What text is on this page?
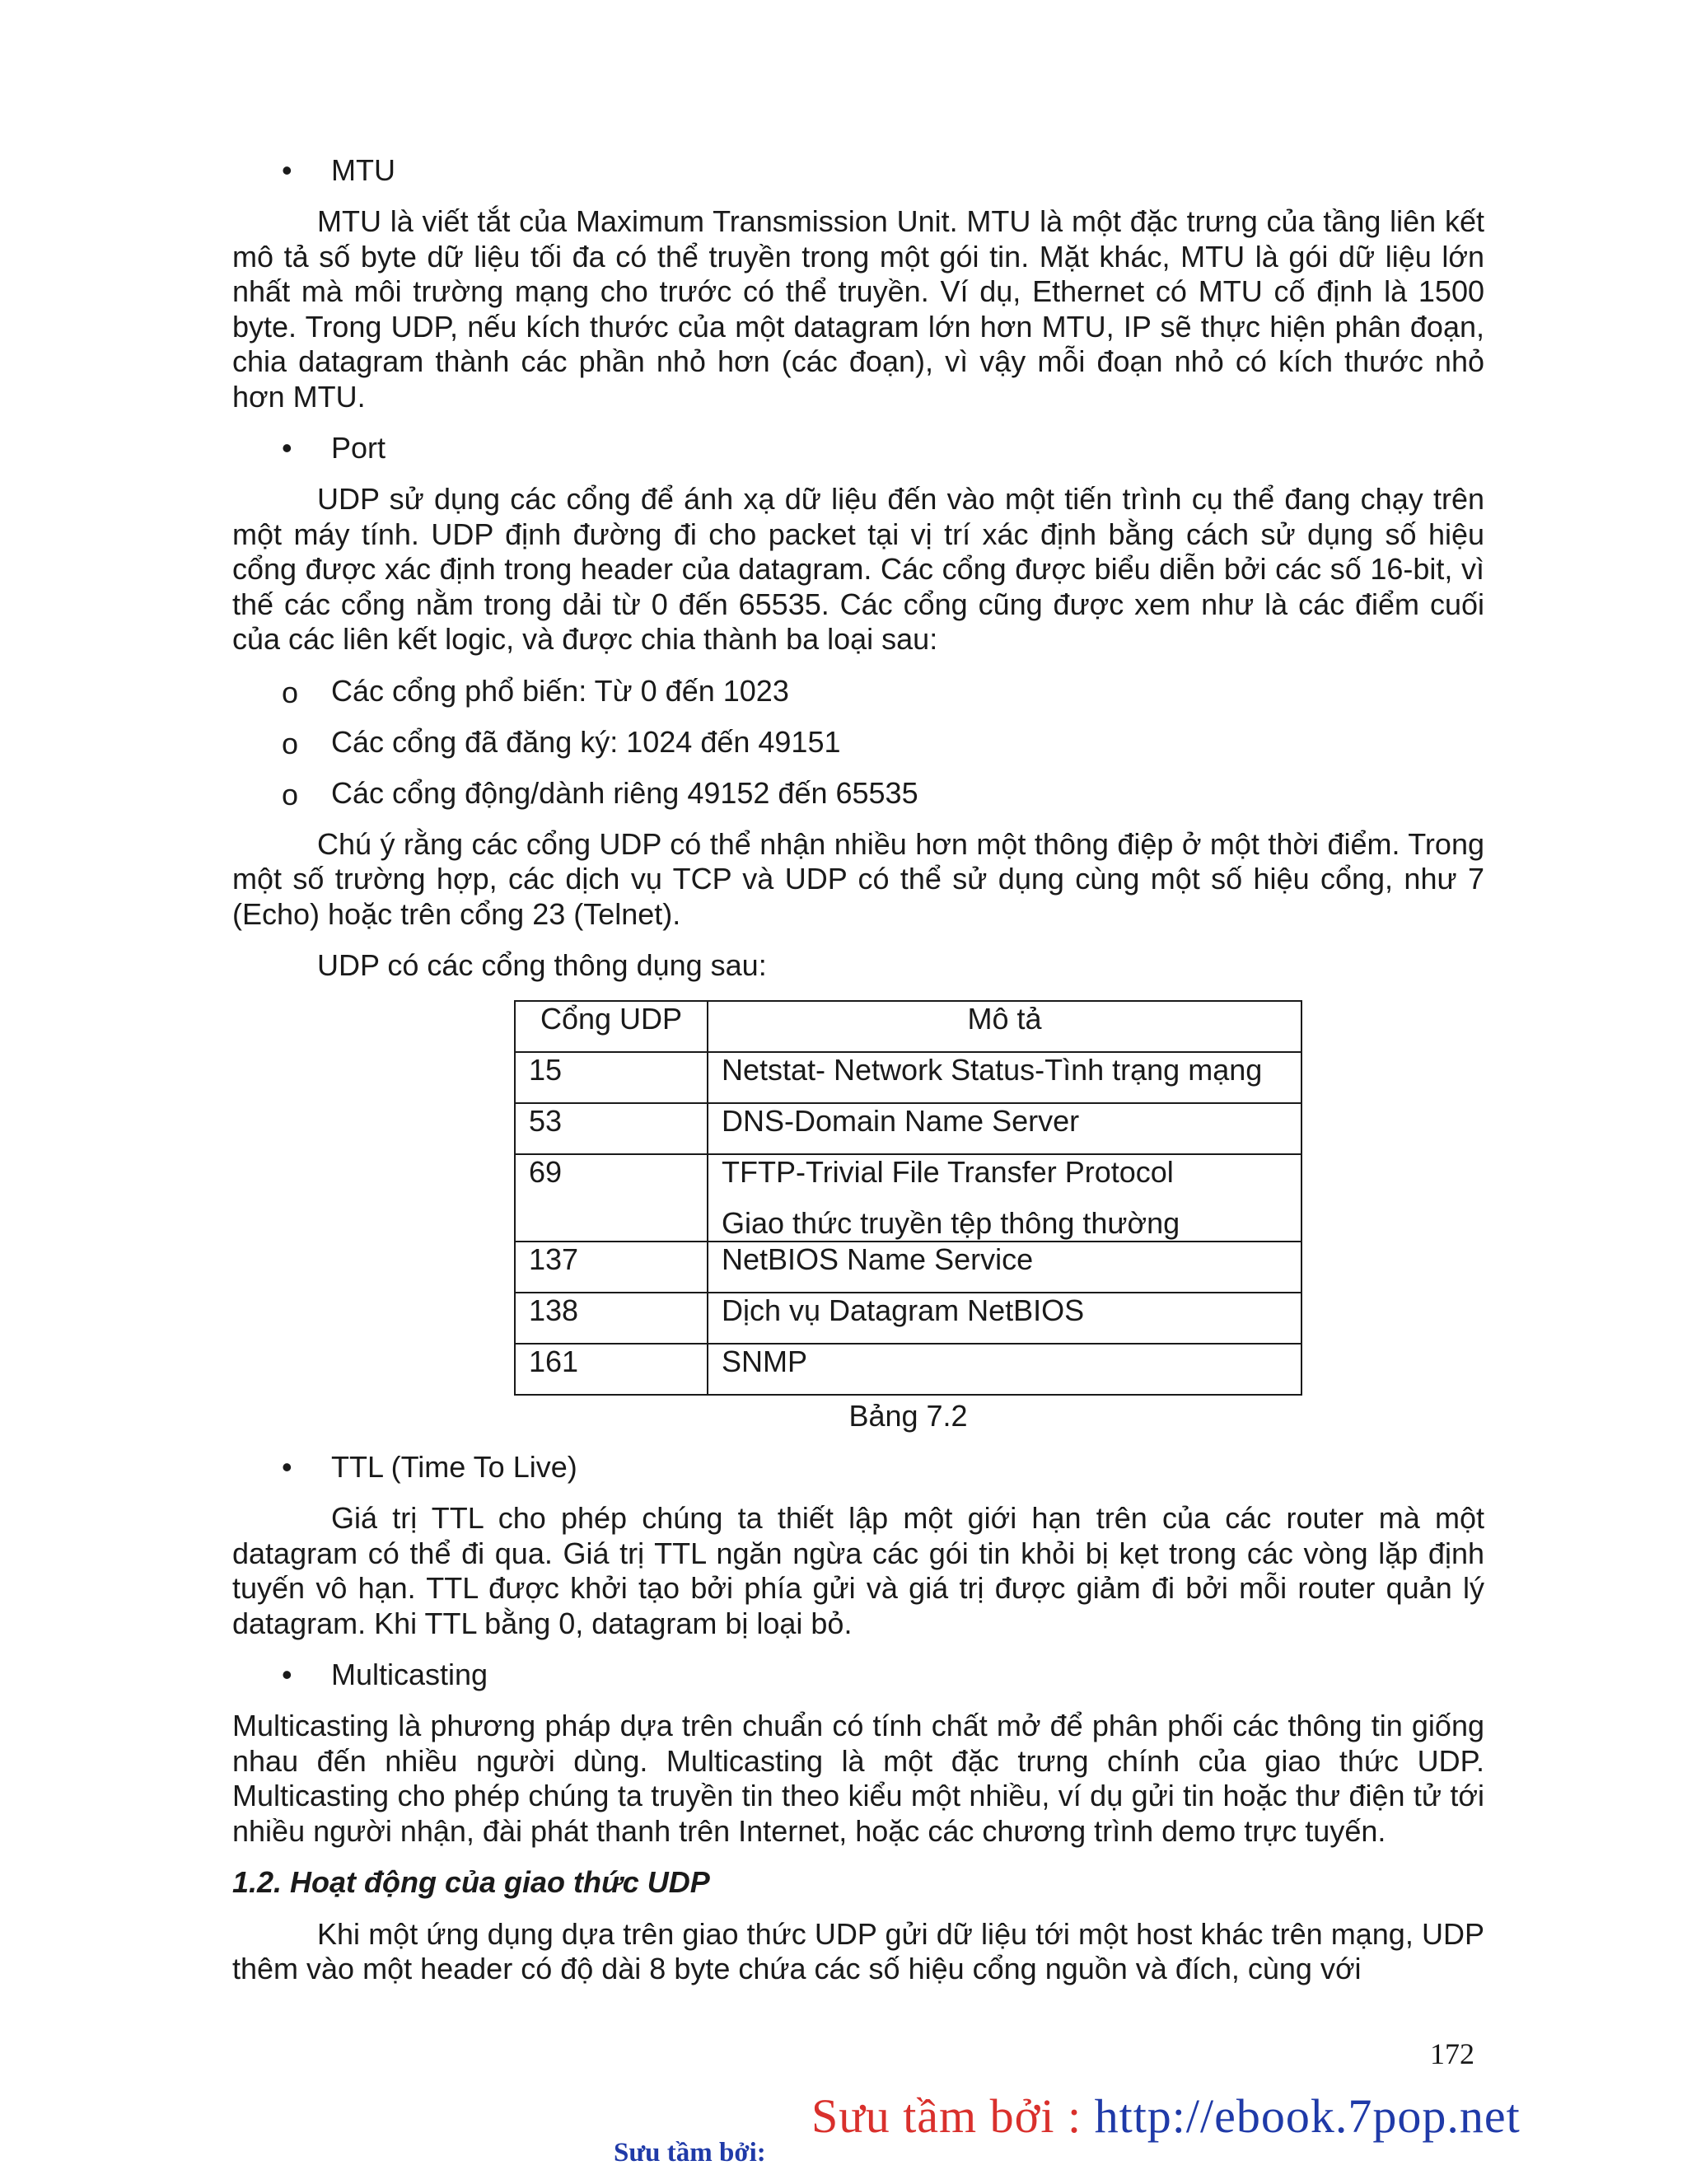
•	MTU

MTU là viết tắt của Maximum Transmission Unit. MTU là một đặc trưng của tầng liên kết mô tả số byte dữ liệu tối đa có thể truyền trong một gói tin. Mặt khác, MTU là gói dữ liệu lớn nhất mà môi trường mạng cho trước có thể truyền. Ví dụ, Ethernet có MTU cố định là 1500 byte. Trong UDP, nếu kích thước của một datagram lớn hơn MTU, IP sẽ thực hiện phân đoạn, chia datagram thành các phần nhỏ hơn (các đoạn), vì vậy mỗi đoạn nhỏ có kích thước nhỏ hơn MTU.

•	Port

UDP sử dụng các cổng để ánh xạ dữ liệu đến vào một tiến trình cụ thể đang chạy trên một máy tính. UDP định đường đi cho packet tại vị trí xác định bằng cách sử dụng số hiệu cổng được xác định trong header của datagram. Các cổng được biểu diễn bởi các số 16-bit, vì thế các cổng nằm trong dải từ 0 đến 65535. Các cổng cũng được xem như là các điểm cuối của các liên kết logic, và được chia thành ba loại sau:

o	Các cổng phổ biến: Từ 0 đến 1023
o	Các cổng đã đăng ký: 1024 đến 49151
o	Các cổng động/dành riêng 49152 đến 65535

Chú ý rằng các cổng UDP có thể nhận nhiều hơn một thông điệp ở một thời điểm. Trong một số trường hợp, các dịch vụ TCP và UDP có thể sử dụng cùng một số hiệu cổng, như 7 (Echo) hoặc trên cổng 23 (Telnet).

UDP có các cổng thông dụng sau:

Cổng UDP	Mô tả
15	Netstat- Network Status-Tình trạng mạng
53	DNS-Domain Name Server
69	TFTP-Trivial File Transfer Protocol
Giao thức truyền tệp thông thường

137	NetBIOS Name Service
138	Dịch vụ Datagram NetBIOS
161	SNMP
Bảng 7.2
•	TTL (Time To Live)

Giá trị TTL cho phép chúng ta thiết lập một giới hạn trên của các router mà một datagram có thể đi qua. Giá trị TTL ngăn ngừa các gói tin khỏi bị kẹt trong các vòng lặp định tuyến vô hạn. TTL được khởi tạo bởi phía gửi và giá trị được giảm đi bởi mỗi router quản lý datagram. Khi TTL bằng 0, datagram bị loại bỏ.

•	Multicasting

Multicasting là phương pháp dựa trên chuẩn có tính chất mở để phân phối các thông tin giống nhau đến nhiều người dùng. Multicasting là một đặc trưng chính của giao thức UDP. Multicasting cho phép chúng ta truyền tin theo kiểu một nhiều, ví dụ gửi tin hoặc thư điện tử tới nhiều người nhận, đài phát thanh trên Internet, hoặc các chương trình demo trực tuyến.

1.2. Hoạt động của giao thức UDP

Khi một ứng dụng dựa trên giao thức UDP gửi dữ liệu tới một host khác trên mạng, UDP thêm vào một header có độ dài 8 byte chứa các số hiệu cổng nguồn và đích, cùng với

172
Sưu tầm bởi : http://ebook.7pop.net
Sưu tầm bởi:
